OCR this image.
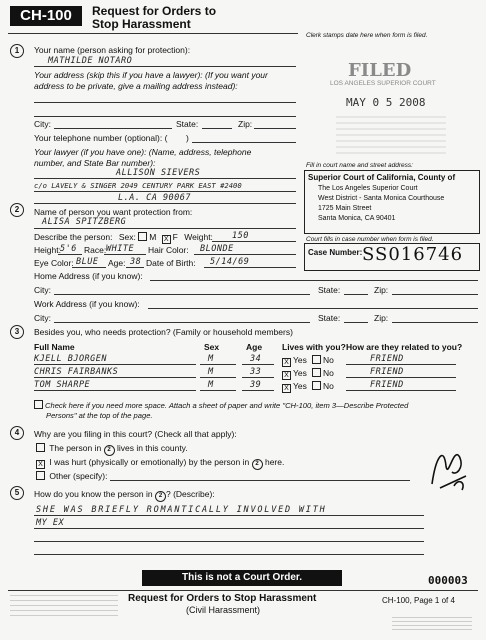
CH-100	Request for Orders to
Stop Harassment
Clerk stamps date here when form is filed.
FILED
LOS ANGELES SUPERIOR COURT
MAY 0 5 2008
Fill in court name and street address:
Superior Court of California, County of
The Los Angeles Superior Court
West District - Santa Monica Courthouse
1725 Main Street
Santa Monica, CA 90401
Court fills in case number when form is filed.
Case Number: SS016746
1	Your name (person asking for protection):
MATHILDE NOTARO
Your address (skip this if you have a lawyer): (If you want your
address to be private, give a mailing address instead):
City:	State:	Zip:
Your telephone number (optional): ( )
Your lawyer (if you have one): (Name, address, telephone
number, and State Bar number):
ALLISON SIEVERS
c/o LAVELY & SINGER 2049 CENTURY PARK EAST #2400
L.A. CA 90067
2	Name of person you want protection from:
ALISA SPITZBERG
Describe the person: Sex: M X F Weight: 150
Height: 5'6 Race: WHITE Hair Color: BLONDE
Eye Color: BLUE Age: 38 Date of Birth: 5/14/69
Home Address (if you know):
City:	State:	Zip:
Work Address (if you know):
City:	State:	Zip:
3	Besides you, who needs protection? (Family or household members)
Full Name	Sex	Age Lives with you? How are they related to you?
KJELL BJORGEN	M	34	X Yes	No	FRIEND
CHRIS FAIRBANKS	M	33	X Yes	No	FRIEND
TOM SHARPE	M	39	X Yes	No	FRIEND
Check here if you need more space. Attach a sheet of paper and write "CH-100, item 3—Describe Protected
Persons" at the top of the page.
4	Why are you filing in this court? (Check all that apply):
The person in 2 lives in this county.
X I was hurt (physically or emotionally) by the person in 2 here.
Other (specify):
5	How do you know the person in 2 ? (Describe):
SHE WAS BRIEFLY ROMANTICALLY INVOLVED WITH
MY EX
This is not a Court Order.	000003
Request for Orders to Stop Harassment
(Civil Harassment)
CH-100, Page 1 of 4
